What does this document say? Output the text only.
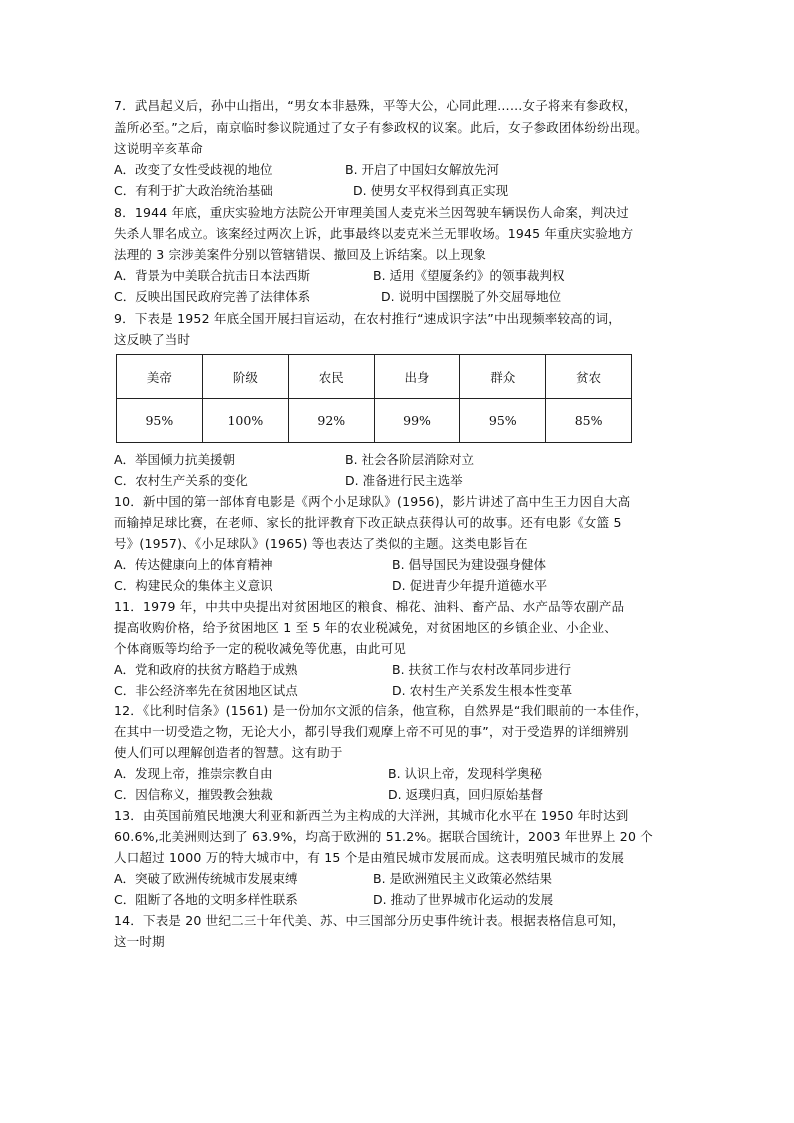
7．武昌起义后，孙中山指出，“男女本非悬殊，平等大公，心同此理……女子将来有参政权，
盖所必至。”之后，南京临时参议院通过了女子有参政权的议案。此后，女子参政团体纷纷出现。
这说明辛亥革命
A．改变了女性受歧视的地位	B. 开启了中国妇女解放先河
C．有利于扩大政治统治基础	D. 使男女平权得到真正实现
8．1944 年底，重庆实验地方法院公开审理美国人麦克米兰因驾驶车辆误伤人命案，判决过
失杀人罪名成立。该案经过两次上诉，此事最终以麦克米兰无罪收场。1945 年重庆实验地方
法理的 3 宗涉美案件分别以管辖错误、撤回及上诉结案。以上现象
A．背景为中美联合抗击日本法西斯	B. 适用《望厦条约》的领事裁判权
C．反映出国民政府完善了法律体系	D. 说明中国摆脱了外交屈辱地位
9．下表是 1952 年底全国开展扫盲运动，在农村推行“速成识字法”中出现频率较高的词，
这反映了当时
美帝	阶级	农民	出身	群众	贫农
95%	100%	92%	99%	95%	85%
A．举国倾力抗美援朝	B. 社会各阶层消除对立
C．农村生产关系的变化	D. 准备进行民主选举
10．新中国的第一部体育电影是《两个小足球队》(1956)，影片讲述了高中生王力因自大高
而输掉足球比赛，在老师、家长的批评教育下改正缺点获得认可的故事。还有电影《女篮 5
号》(1957)、《小足球队》(1965) 等也表达了类似的主题。这类电影旨在
A．传达健康向上的体育精神	B. 倡导国民为建设强身健体
C．构建民众的集体主义意识	D. 促进青少年提升道德水平
11．1979 年，中共中央提出对贫困地区的粮食、棉花、油料、畜产品、水产品等农副产品
提高收购价格，给予贫困地区 1 至 5 年的农业税减免，对贫困地区的乡镇企业、小企业、
个体商贩等均给予一定的税收减免等优惠，由此可见
A．党和政府的扶贫方略趋于成熟	B. 扶贫工作与农村改革同步进行
C．非公经济率先在贫困地区试点	D. 农村生产关系发生根本性变革
12．《比利时信条》(1561) 是一份加尔文派的信条，他宣称，自然界是“我们眼前的一本佳作，
在其中一切受造之物，无论大小，都引导我们观摩上帝不可见的事”，对于受造界的详细辨别
使人们可以理解创造者的智慧。这有助于
A．发现上帝，推崇宗教自由	B. 认识上帝，发现科学奥秘
C．因信称义，摧毁教会独裁	D. 返璞归真，回归原始基督
13．由英国前殖民地澳大利亚和新西兰为主构成的大洋洲，其城市化水平在 1950 年时达到
60.6%,北美洲则达到了 63.9%，均高于欧洲的 51.2%。据联合国统计，2003 年世界上 20 个
人口超过 1000 万的特大城市中，有 15 个是由殖民城市发展而成。这表明殖民城市的发展
A．突破了欧洲传统城市发展束缚	B. 是欧洲殖民主义政策必然结果
C．阻断了各地的文明多样性联系	D. 推动了世界城市化运动的发展
14．下表是 20 世纪二三十年代美、苏、中三国部分历史事件统计表。根据表格信息可知，
这一时期
